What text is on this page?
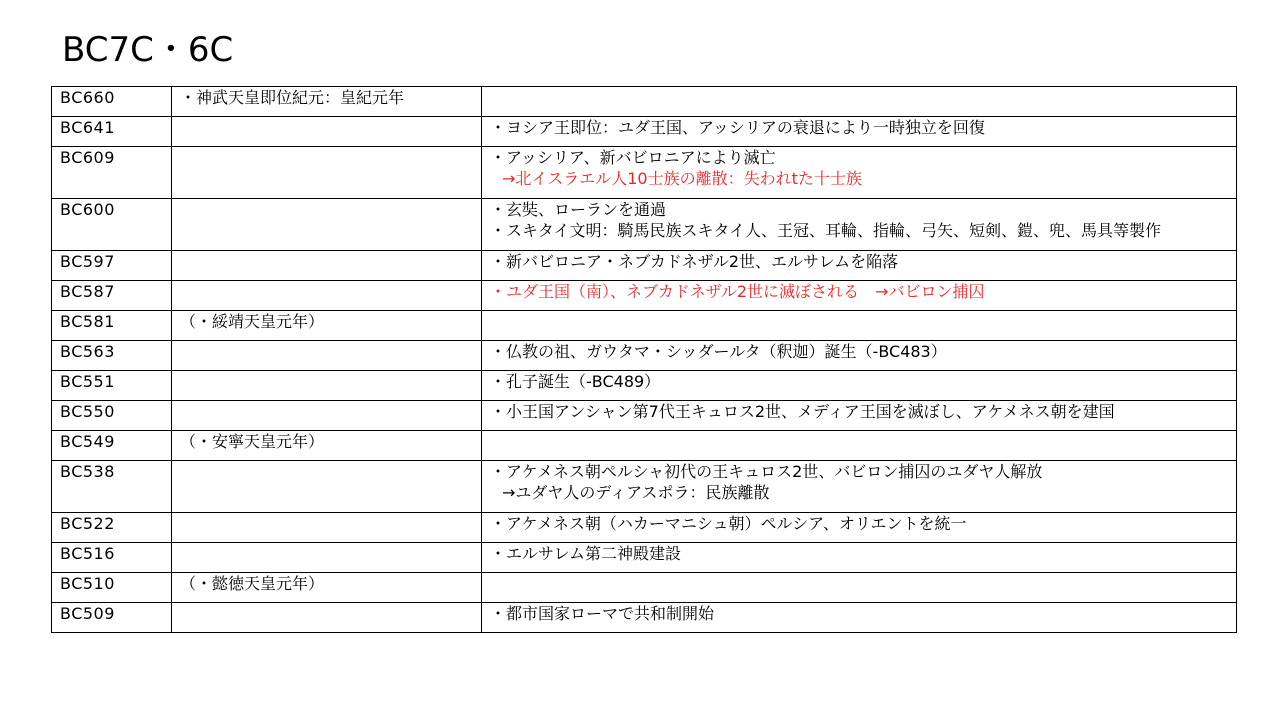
BC7C・6C
BC660	・神武天皇即位紀元：皇紀元年	
BC641		・ヨシア王即位：ユダ王国、アッシリアの衰退により一時独立を回復

BC609		・アッシリア、新バビロニアにより滅亡
→北イスラエル人10士族の離散：失われtた十士族

BC600		・玄奘、ローランを通過
・スキタイ文明：騎馬民族スキタイ人、王冠、耳輪、指輪、弓矢、短剣、鎧、兜、馬具等製作

BC597		・新バビロニア・ネブカドネザル2世、エルサレムを陥落

BC587		・ユダ王国（南）、ネブカドネザル2世に滅ぼされる　→バビロン捕囚

BC581	（・綏靖天皇元年）	
BC563		・仏教の祖、ガウタマ・シッダールタ（釈迦）誕生（-BC483）

BC551		・孔子誕生（-BC489）

BC550		・小王国アンシャン第7代王キュロス2世、メディア王国を滅ぼし、アケメネス朝を建国

BC549	（・安寧天皇元年）	
BC538		・アケメネス朝ペルシャ初代の王キュロス2世、バビロン捕囚のユダヤ人解放
→ユダヤ人のディアスポラ：民族離散

BC522		・アケメネス朝（ハカーマニシュ朝）ペルシア、オリエントを統一

BC516		・エルサレム第二神殿建設

BC510	（・懿徳天皇元年）	
BC509		・都市国家ローマで共和制開始
